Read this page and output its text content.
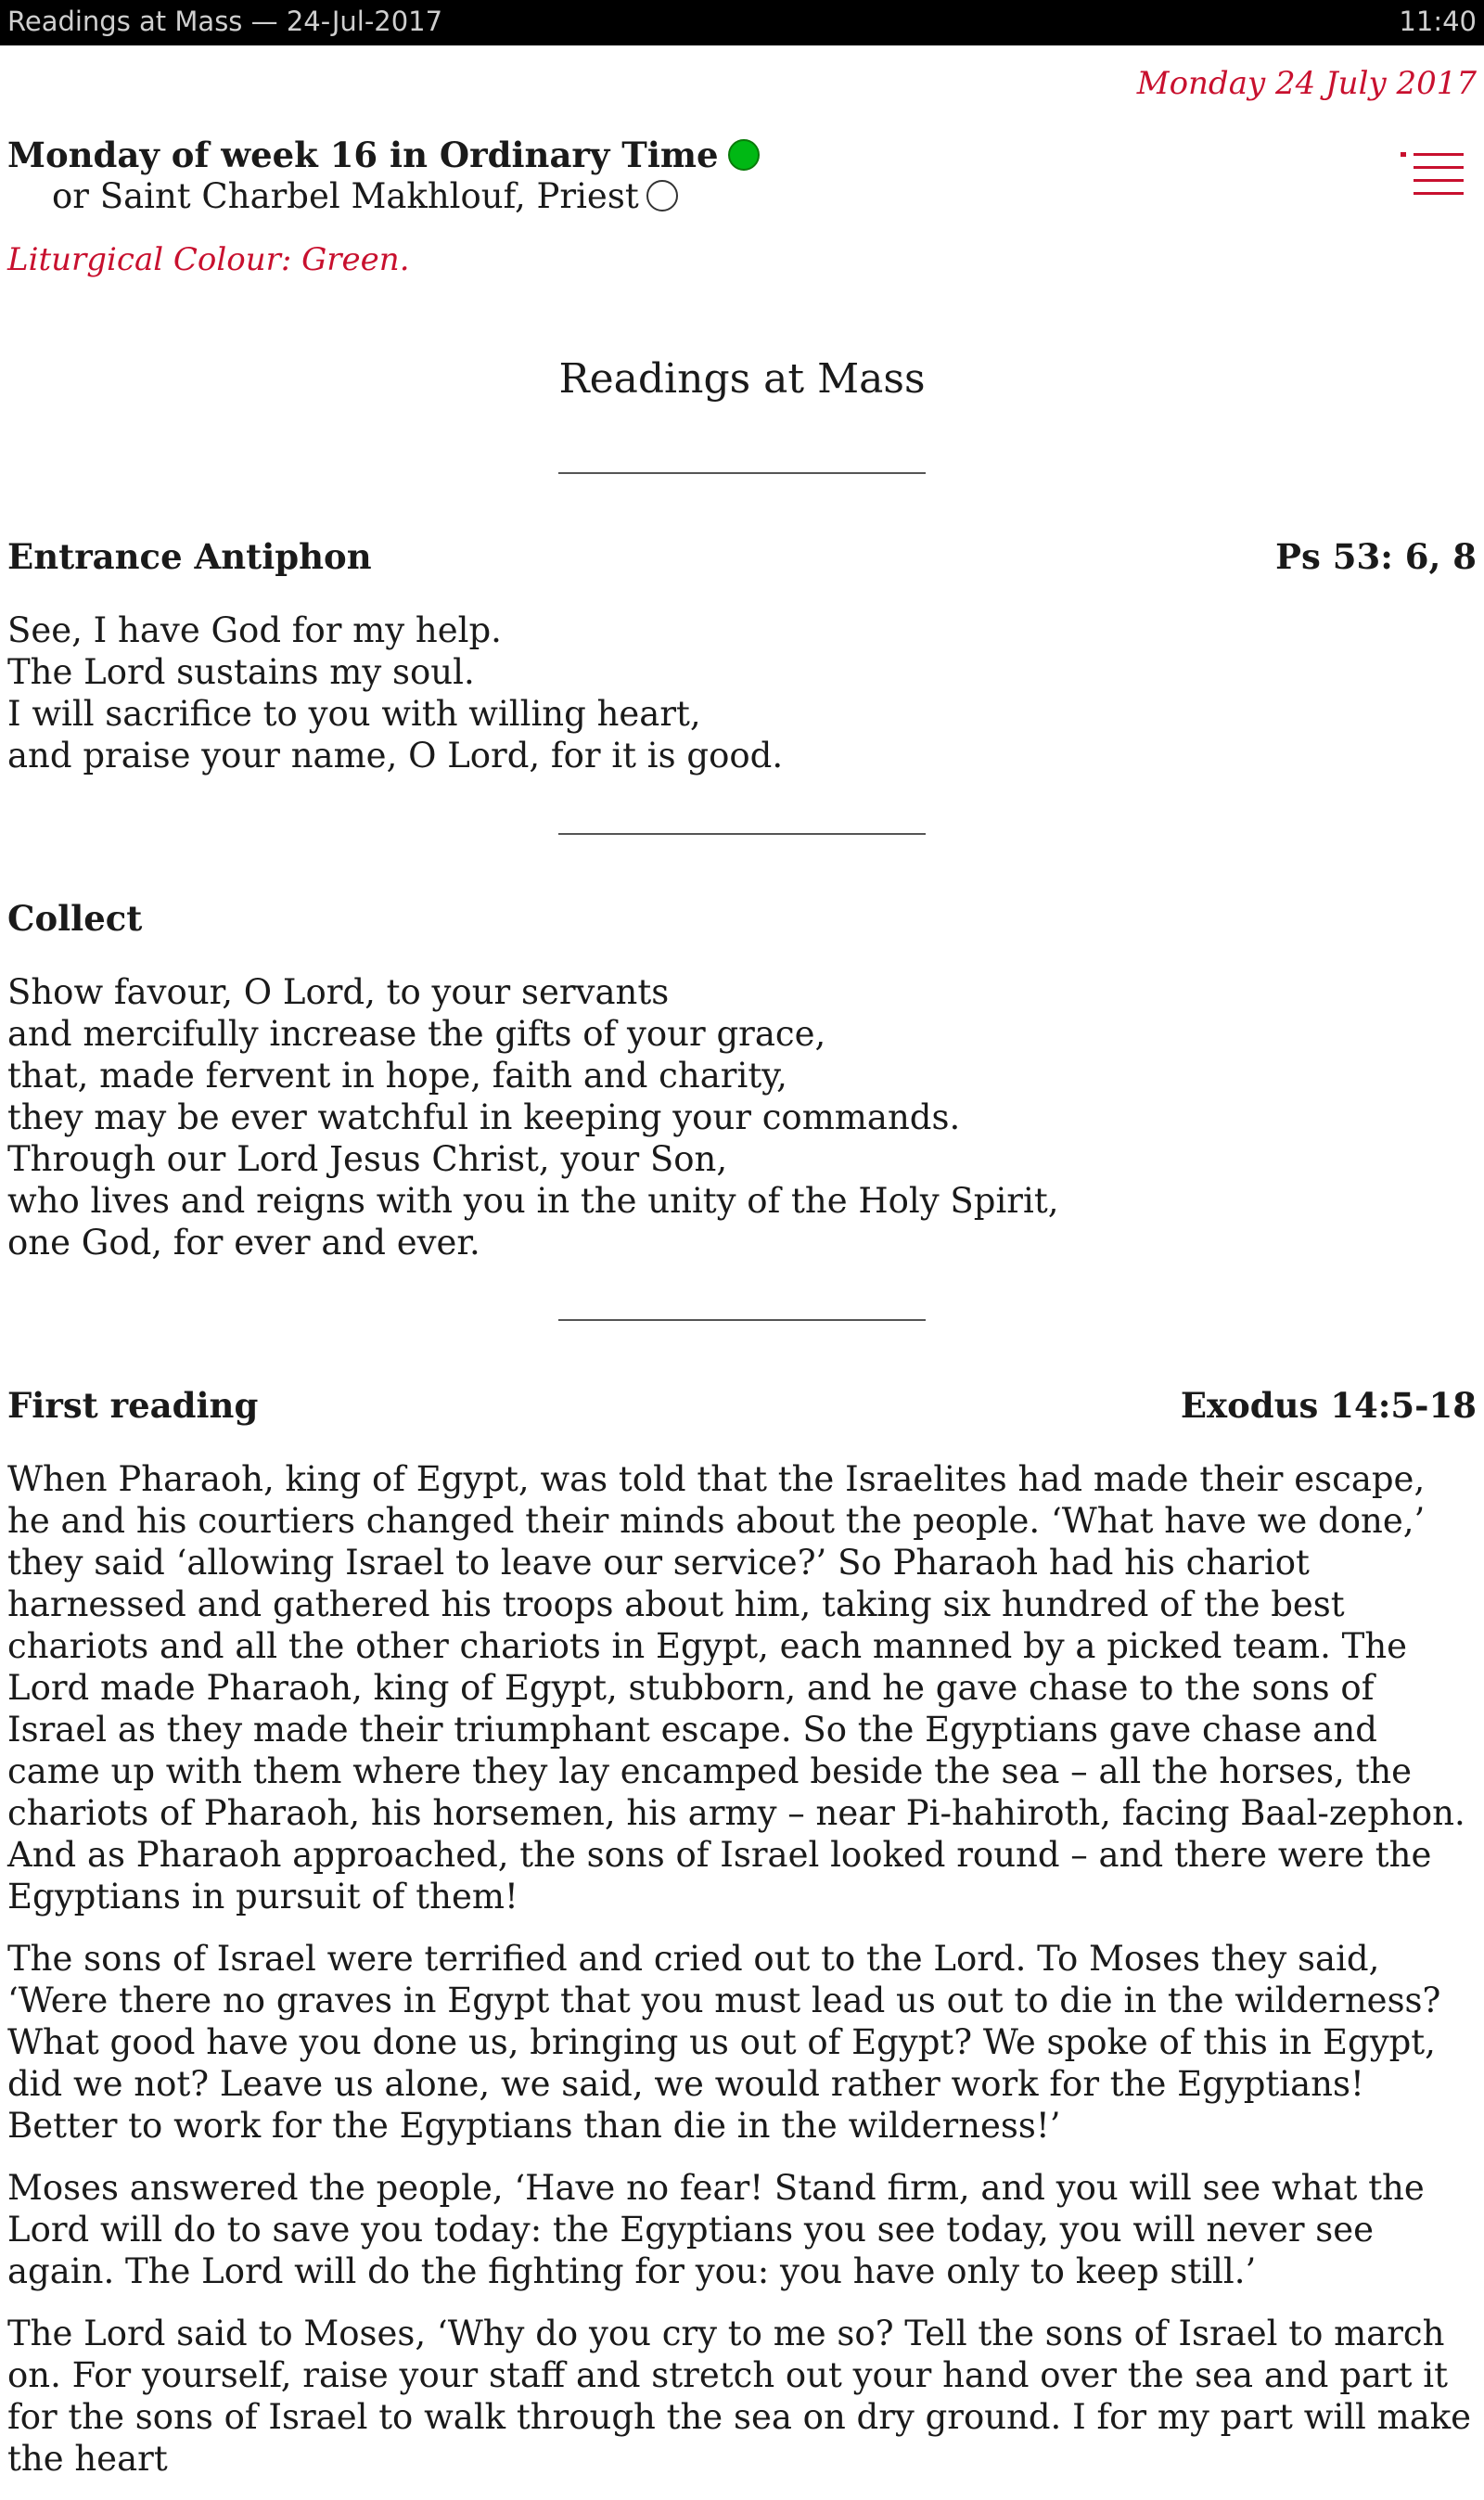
Readings at Mass — 24-Jul-2017	11:40
Monday 24 July 2017
Monday of week 16 in Ordinary Time
or Saint Charbel Makhlouf, Priest
Liturgical Colour: Green.
Readings at Mass
Entrance Antiphon	Ps 53: 6, 8
See, I have God for my help.
The Lord sustains my soul.
I will sacrifice to you with willing heart,
and praise your name, O Lord, for it is good.
Collect
Show favour, O Lord, to your servants
and mercifully increase the gifts of your grace,
that, made fervent in hope, faith and charity,
they may be ever watchful in keeping your commands.
Through our Lord Jesus Christ, your Son,
who lives and reigns with you in the unity of the Holy Spirit,
one God, for ever and ever.
First reading	Exodus 14:5-18

When Pharaoh, king of Egypt, was told that the Israelites had made their escape, he and his courtiers changed their minds about the people. ‘What have we done,’ they said ‘allowing Israel to leave our service?’ So Pharaoh had his chariot harnessed and gathered his troops about him, taking six hundred of the best chariots and all the other chariots in Egypt, each manned by a picked team. The Lord made Pharaoh, king of Egypt, stubborn, and he gave chase to the sons of Israel as they made their triumphant escape. So the Egyptians gave chase and came up with them where they lay encamped beside the sea – all the horses, the chariots of Pharaoh, his horsemen, his army – near Pi-hahiroth, facing Baal-zephon. And as Pharaoh approached, the sons of Israel looked round – and there were the Egyptians in pursuit of them!

The sons of Israel were terrified and cried out to the Lord. To Moses they said, ‘Were there no graves in Egypt that you must lead us out to die in the wilderness? What good have you done us, bringing us out of Egypt? We spoke of this in Egypt, did we not? Leave us alone, we said, we would rather work for the Egyptians! Better to work for the Egyptians than die in the wilderness!’

Moses answered the people, ‘Have no fear! Stand firm, and you will see what the Lord will do to save you today: the Egyptians you see today, you will never see again. The Lord will do the fighting for you: you have only to keep still.’

The Lord said to Moses, ‘Why do you cry to me so? Tell the sons of Israel to march on. For yourself, raise your staff and stretch out your hand over the sea and part it for the sons of Israel to walk through the sea on dry ground. I for my part will make the heart
